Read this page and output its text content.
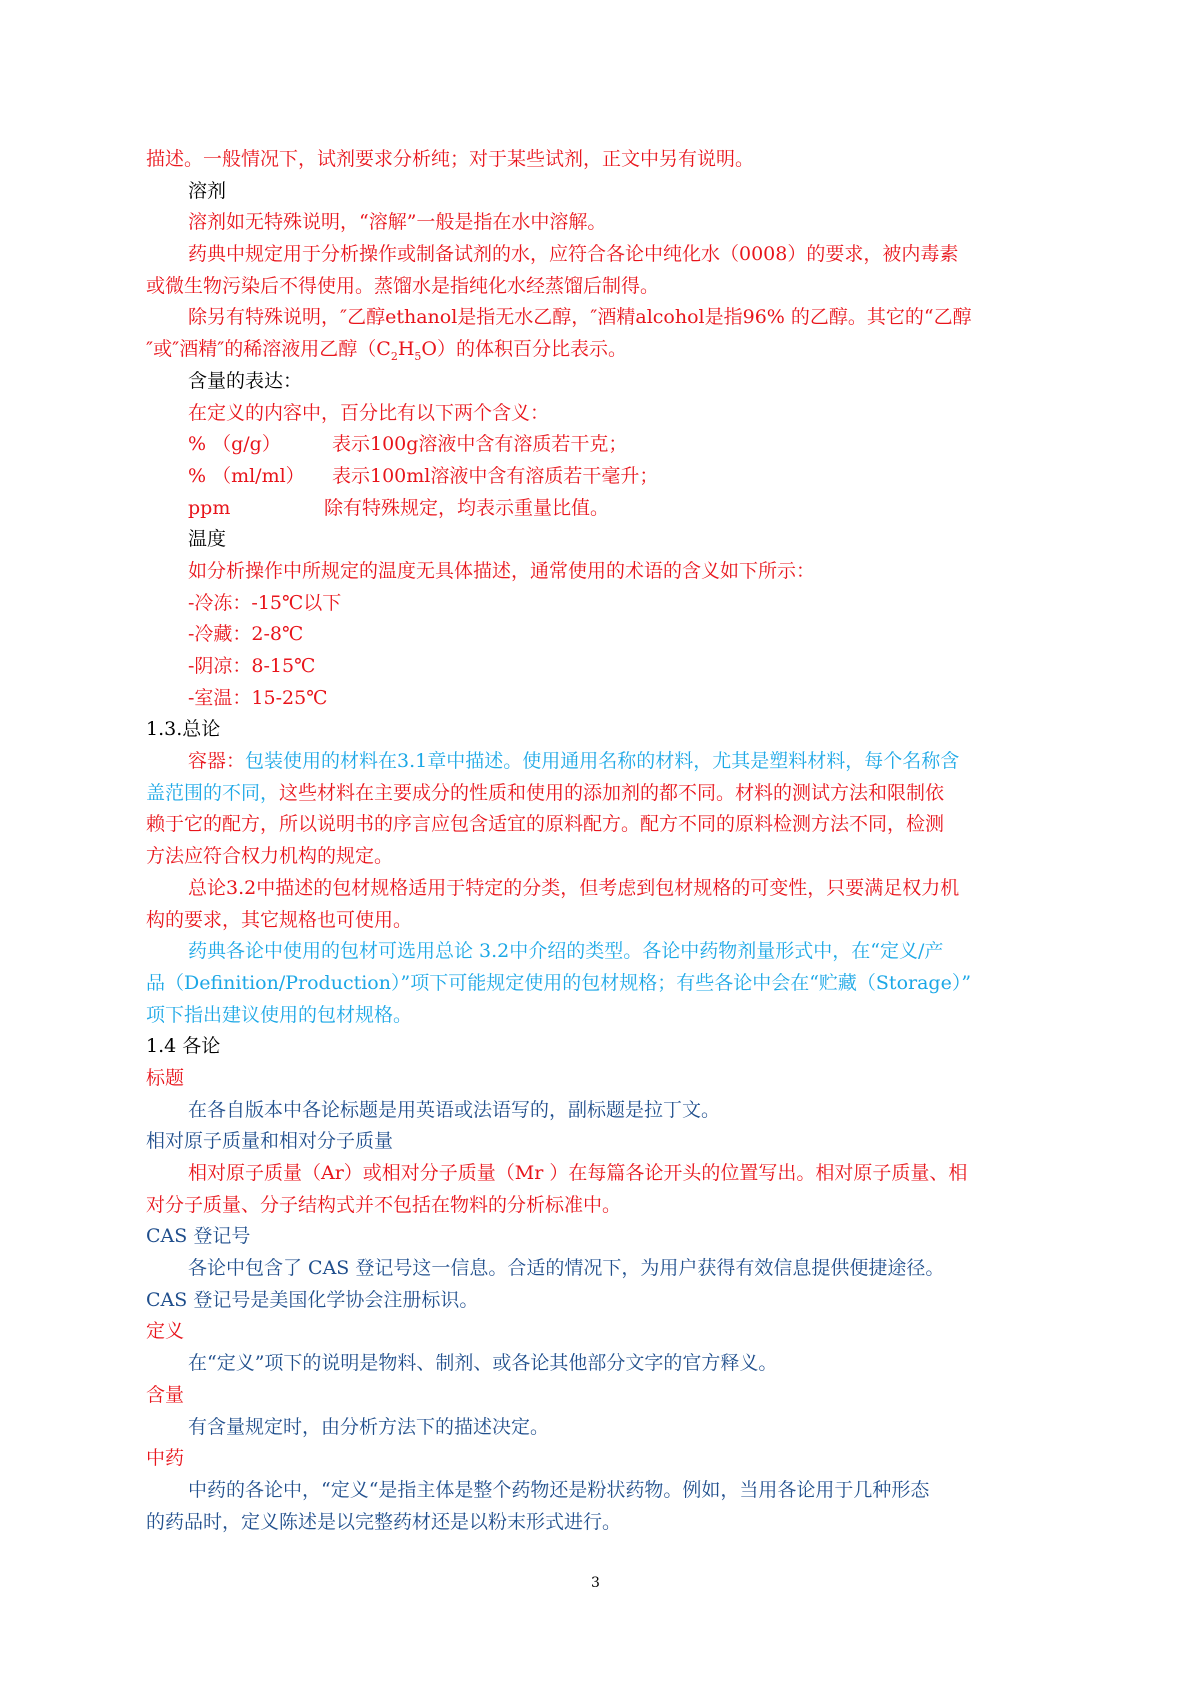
描述。一般情况下，试剂要求分析纯；对于某些试剂，正文中另有说明。
溶剂
溶剂如无特殊说明，“溶解”一般是指在水中溶解。
药典中规定用于分析操作或制备试剂的水，应符合各论中纯化水（0008）的要求，被内毒素
或微生物污染后不得使用。蒸馏水是指纯化水经蒸馏后制得。
除另有特殊说明，″乙醇ethanol是指无水乙醇，″酒精alcohol是指96% 的乙醇。其它的“乙醇
″或″酒精″的稀溶液用乙醇$(C_2H_5O)$的体积百分比表示。
含量的表达：
在定义的内容中，百分比有以下两个含义：
% （g/g）	表示100g溶液中含有溶质若干克；
% （ml/ml） 表示100ml溶液中含有溶质若干毫升；
ppm	除有特殊规定，均表示重量比值。
温度
如分析操作中所规定的温度无具体描述，通常使用的术语的含义如下所示：
-冷冻：-15℃以下
-冷藏：2-8℃
-阴凉：8-15℃
-室温：15-25℃
1.3.总论
容器：包装使用的材料在3.1章中描述。使用通用名称的材料，尤其是塑料材料，每个名称含
盖范围的不同，这些材料在主要成分的性质和使用的添加剂的都不同。材料的测试方法和限制依
赖于它的配方，所以说明书的序言应包含适宜的原料配方。配方不同的原料检测方法不同，检测
方法应符合权力机构的规定。
总论3.2中描述的包材规格适用于特定的分类，但考虑到包材规格的可变性，只要满足权力机
构的要求，其它规格也可使用。
药典各论中使用的包材可选用总论 3.2中介绍的类型。各论中药物剂量形式中，在“定义/产
品（Definition/Production）”项下可能规定使用的包材规格；有些各论中会在“贮藏（Storage）”
项下指出建议使用的包材规格。
1.4 各论
标题
在各自版本中各论标题是用英语或法语写的，副标题是拉丁文。
相对原子质量和相对分子质量
相对原子质量（Ar）或相对分子质量（Mr ）在每篇各论开头的位置写出。相对原子质量、相
对分子质量、分子结构式并不包括在物料的分析标准中。
CAS 登记号
各论中包含了 CAS 登记号这一信息。合适的情况下，为用户获得有效信息提供便捷途径。
CAS 登记号是美国化学协会注册标识。
定义
在“定义”项下的说明是物料、制剂、或各论其他部分文字的官方释义。
含量
有含量规定时，由分析方法下的描述决定。
中药
中药的各论中，“定义“是指主体是整个药物还是粉状药物。例如，当用各论用于几种形态
的药品时，定义陈述是以完整药材还是以粉末形式进行。
3
